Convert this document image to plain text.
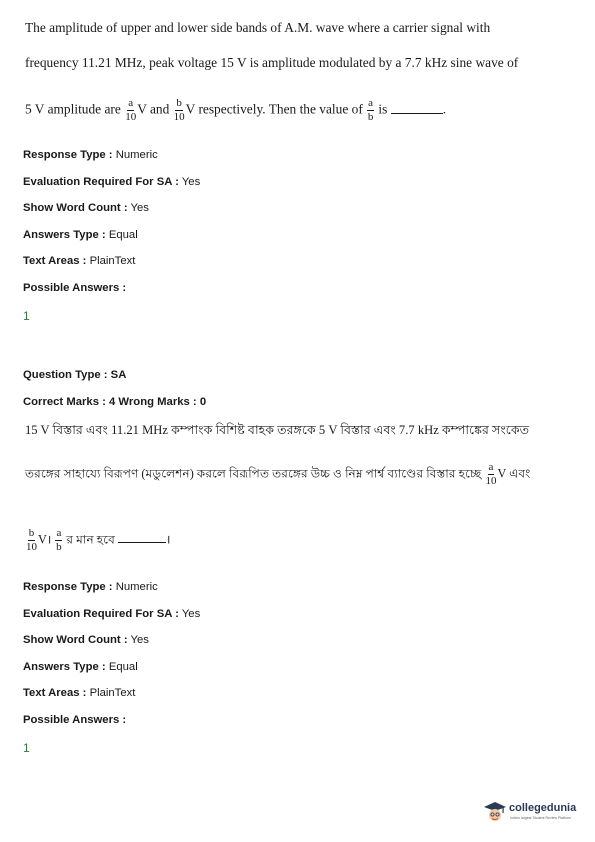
The amplitude of upper and lower side bands of A.M. wave where a carrier signal with
frequency 11.21 MHz, peak voltage 15 V is amplitude modulated by a 7.7 kHz sine wave of
5 V amplitude are $\frac{a}{10}$ V and $\frac{b}{10}$ V respectively. Then the value of $\frac{a}{b}$ is	.
Response Type : Numeric
Evaluation Required For SA : Yes
Show Word Count : Yes
Answers Type : Equal
Text Areas : PlainText
Possible Answers :
1
Question Type : SA
Correct Marks : 4 Wrong Marks : 0
15 V বিস্তার এবং 11.21 MHz কম্পাংক বিশিষ্ট বাহক তরঙ্গকে 5 V বিস্তার এবং 7.7 kHz কম্পাঙ্কের সংকেত
তরঙ্গের সাহায্যে বিরূপণ (মডুলেশন) করলে বিরূপিত তরঙ্গের উচ্চ ও নিম্ন পার্শ্ব ব্যাণ্ডের বিস্তার হচ্ছে $\frac{a}{10}$ V এবং
$\frac{b}{10}$ V। $\frac{a}{b}$ র মান হবে	।
Response Type : Numeric
Evaluation Required For SA : Yes
Show Word Count : Yes
Answers Type : Equal
Text Areas : PlainText
Possible Answers :
1
collegedunia
India's largest Student Review Platform
